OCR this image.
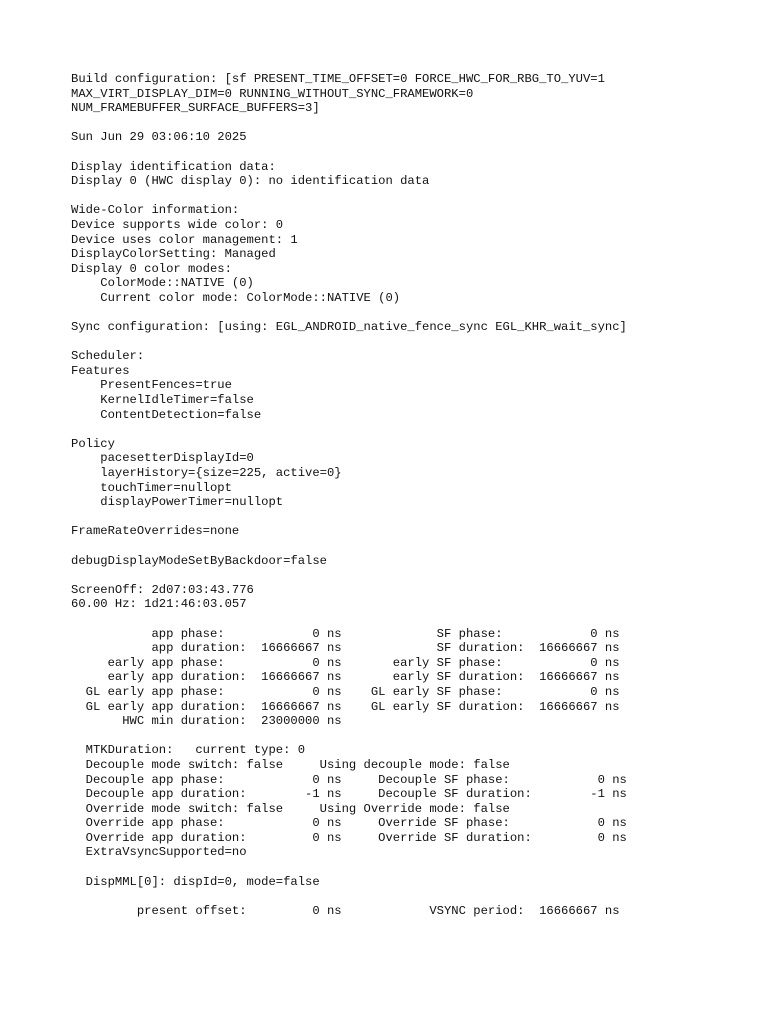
Build configuration: [sf PRESENT_TIME_OFFSET=0 FORCE_HWC_FOR_RBG_TO_YUV=1
MAX_VIRT_DISPLAY_DIM=0 RUNNING_WITHOUT_SYNC_FRAMEWORK=0
NUM_FRAMEBUFFER_SURFACE_BUFFERS=3]
Sun Jun 29 03:06:10 2025
Display identification data:
Display 0 (HWC display 0): no identification data
Wide-Color information:
Device supports wide color: 0
Device uses color management: 1
DisplayColorSetting: Managed
Display 0 color modes:
ColorMode::NATIVE (0)
Current color mode: ColorMode::NATIVE (0)
Sync configuration: [using: EGL_ANDROID_native_fence_sync EGL_KHR_wait_sync]
Scheduler:
Features
PresentFences=true
KernelIdleTimer=false
ContentDetection=false
Policy
pacesetterDisplayId=0
layerHistory={size=225, active=0}
touchTimer=nullopt
displayPowerTimer=nullopt
FrameRateOverrides=none
debugDisplayModeSetByBackdoor=false
ScreenOff: 2d07:03:43.776
60.00 Hz: 1d21:46:03.057
app phase:            0 ns             SF phase:            0 ns
app duration:  16666667 ns             SF duration:  16666667 ns
early app phase:            0 ns       early SF phase:            0 ns
early app duration:  16666667 ns       early SF duration:  16666667 ns
GL early app phase:            0 ns    GL early SF phase:            0 ns
GL early app duration:  16666667 ns    GL early SF duration:  16666667 ns
HWC min duration:  23000000 ns
MTKDuration:   current type: 0
Decouple mode switch: false     Using decouple mode: false
Decouple app phase:            0 ns     Decouple SF phase:            0 ns
Decouple app duration:        -1 ns     Decouple SF duration:        -1 ns
Override mode switch: false     Using Override mode: false
Override app phase:            0 ns     Override SF phase:            0 ns
Override app duration:         0 ns     Override SF duration:         0 ns
ExtraVsyncSupported=no
DispMML[0]: dispId=0, mode=false
present offset:         0 ns            VSYNC period:  16666667 ns
